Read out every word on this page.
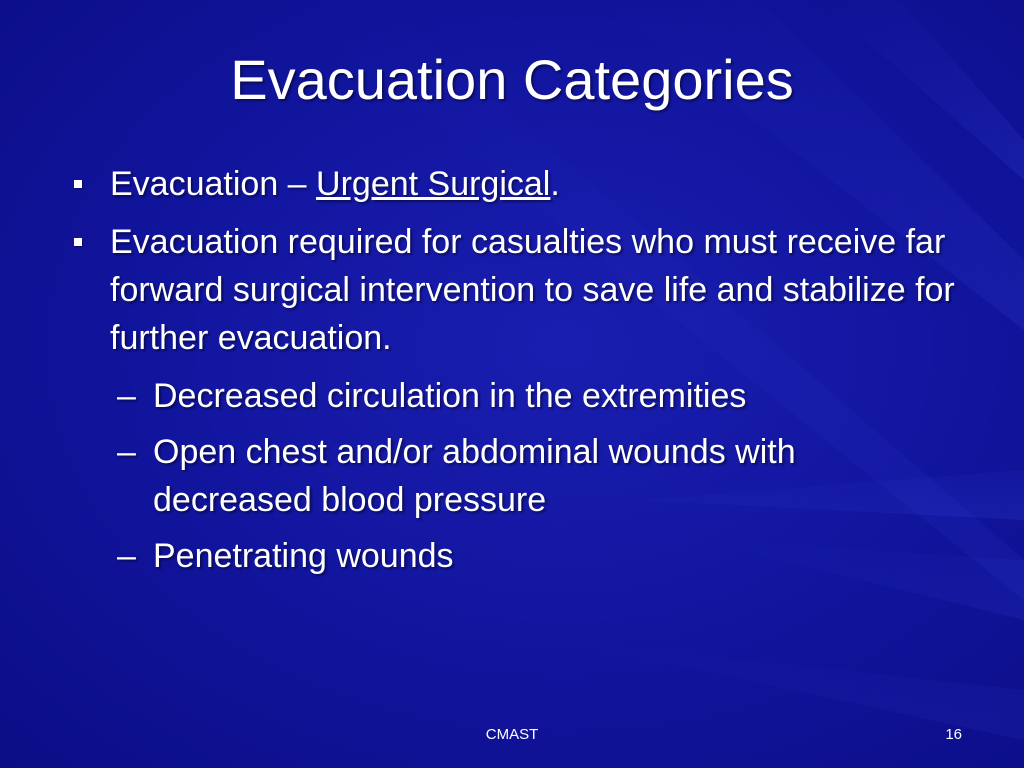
Evacuation Categories
Evacuation – Urgent Surgical.
Evacuation required for casualties who must receive far forward surgical intervention to save life and stabilize for further evacuation.
– Decreased circulation in the extremities
– Open chest and/or abdominal wounds with decreased blood pressure
– Penetrating wounds
CMAST	16
